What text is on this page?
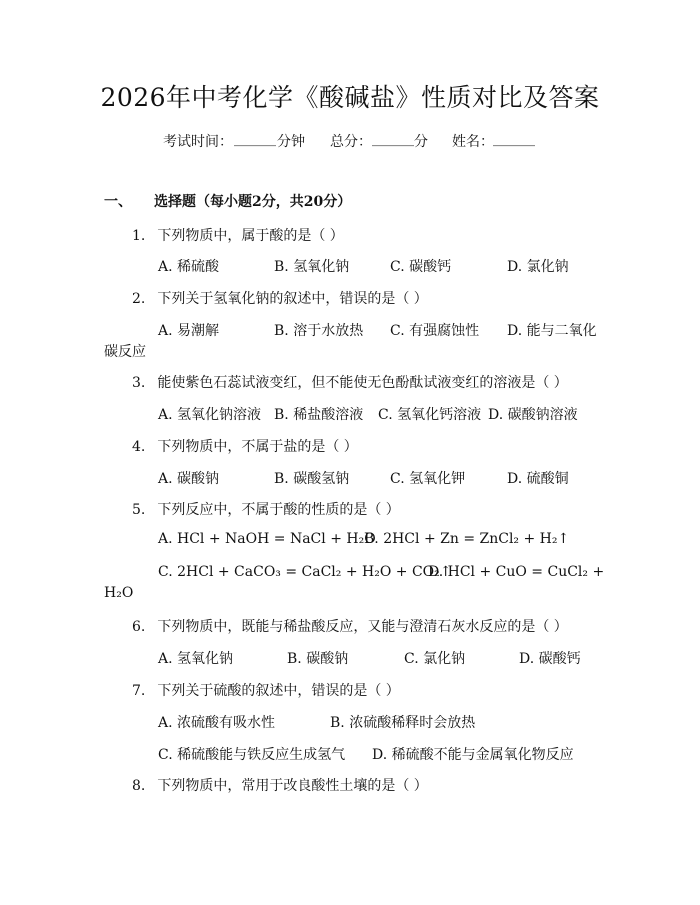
2026年中考化学《酸碱盐》性质对比及答案
考试时间： ______ 分钟 总分： ______ 分 姓名： ______
一、 选择题（每小题2分，共20分）
1. 下列物质中，属于酸的是（ ）
A. 稀硫酸	B. 氢氧化钠	C. 碳酸钙	D. 氯化钠
2. 下列关于氢氧化钠的叙述中，错误的是（ ）
A. 易潮解	B. 溶于水放热 C. 有强腐蚀性 D. 能与二氧化
碳反应
3. 能使紫色石蕊试液变红，但不能使无色酚酞试液变红的溶液是（ ）
A. 氢氧化钠溶液 B. 稀盐酸溶液 C. 氢氧化钙溶液 D. 碳酸钠溶液
4. 下列物质中，不属于盐的是（ ）
A. 碳酸钠	B. 碳酸氢钠	C. 氢氧化钾	D. 硫酸铜
5. 下列反应中，不属于酸的性质的是（ ）
A. HCl + NaOH = NaCl + H₂O
B. 2HCl + Zn = ZnCl₂ + H₂↑
C. 2HCl + CaCO₃ = CaCl₂ + H₂O + CO₂↑
D. HCl + CuO = CuCl₂ +
H₂O
6. 下列物质中，既能与稀盐酸反应，又能与澄清石灰水反应的是（ ）
A. 氢氧化钠	B. 碳酸钠	C. 氯化钠	D. 碳酸钙
7. 下列关于硫酸的叙述中，错误的是（ ）
A. 浓硫酸有吸水性	B. 浓硫酸稀释时会放热
C. 稀硫酸能与铁反应生成氢气 D. 稀硫酸不能与金属氧化物反应
8. 下列物质中，常用于改良酸性土壤的是（ ）
